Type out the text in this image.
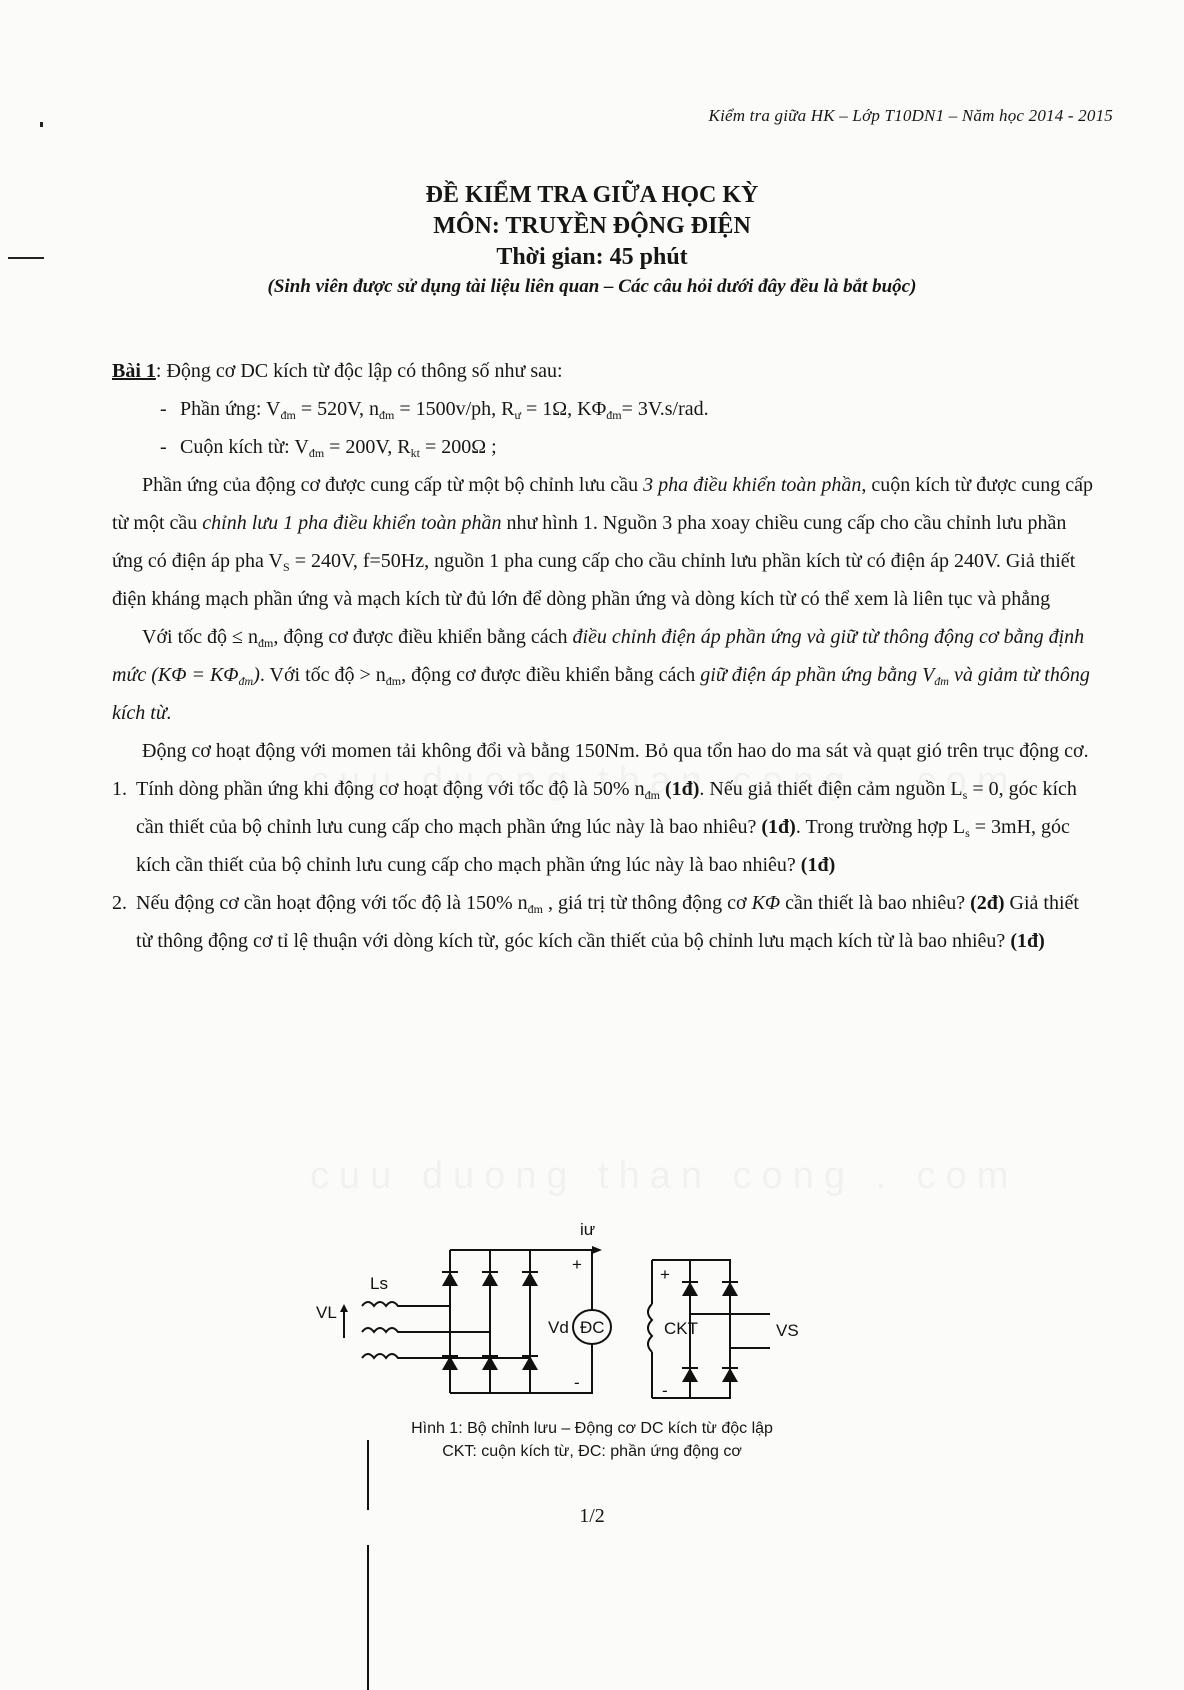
Kiểm tra giữa HK – Lớp T10DN1 – Năm học 2014 - 2015
ĐỀ KIỂM TRA GIỮA HỌC KỲ
MÔN: TRUYỀN ĐỘNG ĐIỆN
Thời gian: 45 phút
(Sinh viên được sử dụng tài liệu liên quan – Các câu hỏi dưới đây đều là bắt buộc)

Bài 1: Động cơ DC kích từ độc lập có thông số như sau:

- Phần ứng: $V_{đm} = 520V$, $n_{đm} = 1500v/ph$, $R_ư = 1\Omega$, $K\Phi_{đm}= 3V.s/rad$.

- Cuộn kích từ: $V_{đm} = 200V$, $R_{kt} = 200\Omega$ ;

Phần ứng của động cơ được cung cấp từ một bộ chỉnh lưu cầu 3 pha điều khiển toàn phần, cuộn kích từ được cung cấp từ một cầu chỉnh lưu 1 pha điều khiển toàn phần như hình 1. Nguồn 3 pha xoay chiều cung cấp cho cầu chỉnh lưu phần ứng có điện áp pha $V_S = 240V$, f=50Hz, nguồn 1 pha cung cấp cho cầu chỉnh lưu phần kích từ có điện áp 240V. Giả thiết điện kháng mạch phần ứng và mạch kích từ đủ lớn để dòng phần ứng và dòng kích từ có thể xem là liên tục và phẳng

Với tốc độ ≤ $n_{đm}$, động cơ được điều khiển bằng cách điều chỉnh điện áp phần ứng và giữ từ thông động cơ bằng định mức $(K\Phi = K\Phi_{đm})$. Với tốc độ > $n_{đm}$, động cơ được điều khiển bằng cách giữ điện áp phần ứng bằng $V_{đm}$ và giảm từ thông kích từ.

Động cơ hoạt động với momen tải không đổi và bằng 150Nm. Bỏ qua tổn hao do ma sát và quạt gió trên trục động cơ.

1. Tính dòng phần ứng khi động cơ hoạt động với tốc độ là 50% $n_{đm}$ (1đ). Nếu giả thiết điện cảm nguồn $L_s = 0$, góc kích cần thiết của bộ chỉnh lưu cung cấp cho mạch phần ứng lúc này là bao nhiêu? (1đ). Trong trường hợp $L_s = 3mH$, góc kích cần thiết của bộ chỉnh lưu cung cấp cho mạch phần ứng lúc này là bao nhiêu? (1đ)

2. Nếu động cơ cần hoạt động với tốc độ là 150% $n_{đm}$ , giá trị từ thông động cơ KΦ cần thiết là bao nhiêu? (2đ) Giả thiết từ thông động cơ tỉ lệ thuận với dòng kích từ, góc kích cần thiết của bộ chỉnh lưu mạch kích từ là bao nhiêu? (1đ)

iư
Ls
VL
Vd ĐC	CKT	VS
+
-
+
-
Hình 1: Bộ chỉnh lưu – Động cơ DC kích từ độc lập
CKT: cuộn kích từ, ĐC: phần ứng động cơ
1/2
